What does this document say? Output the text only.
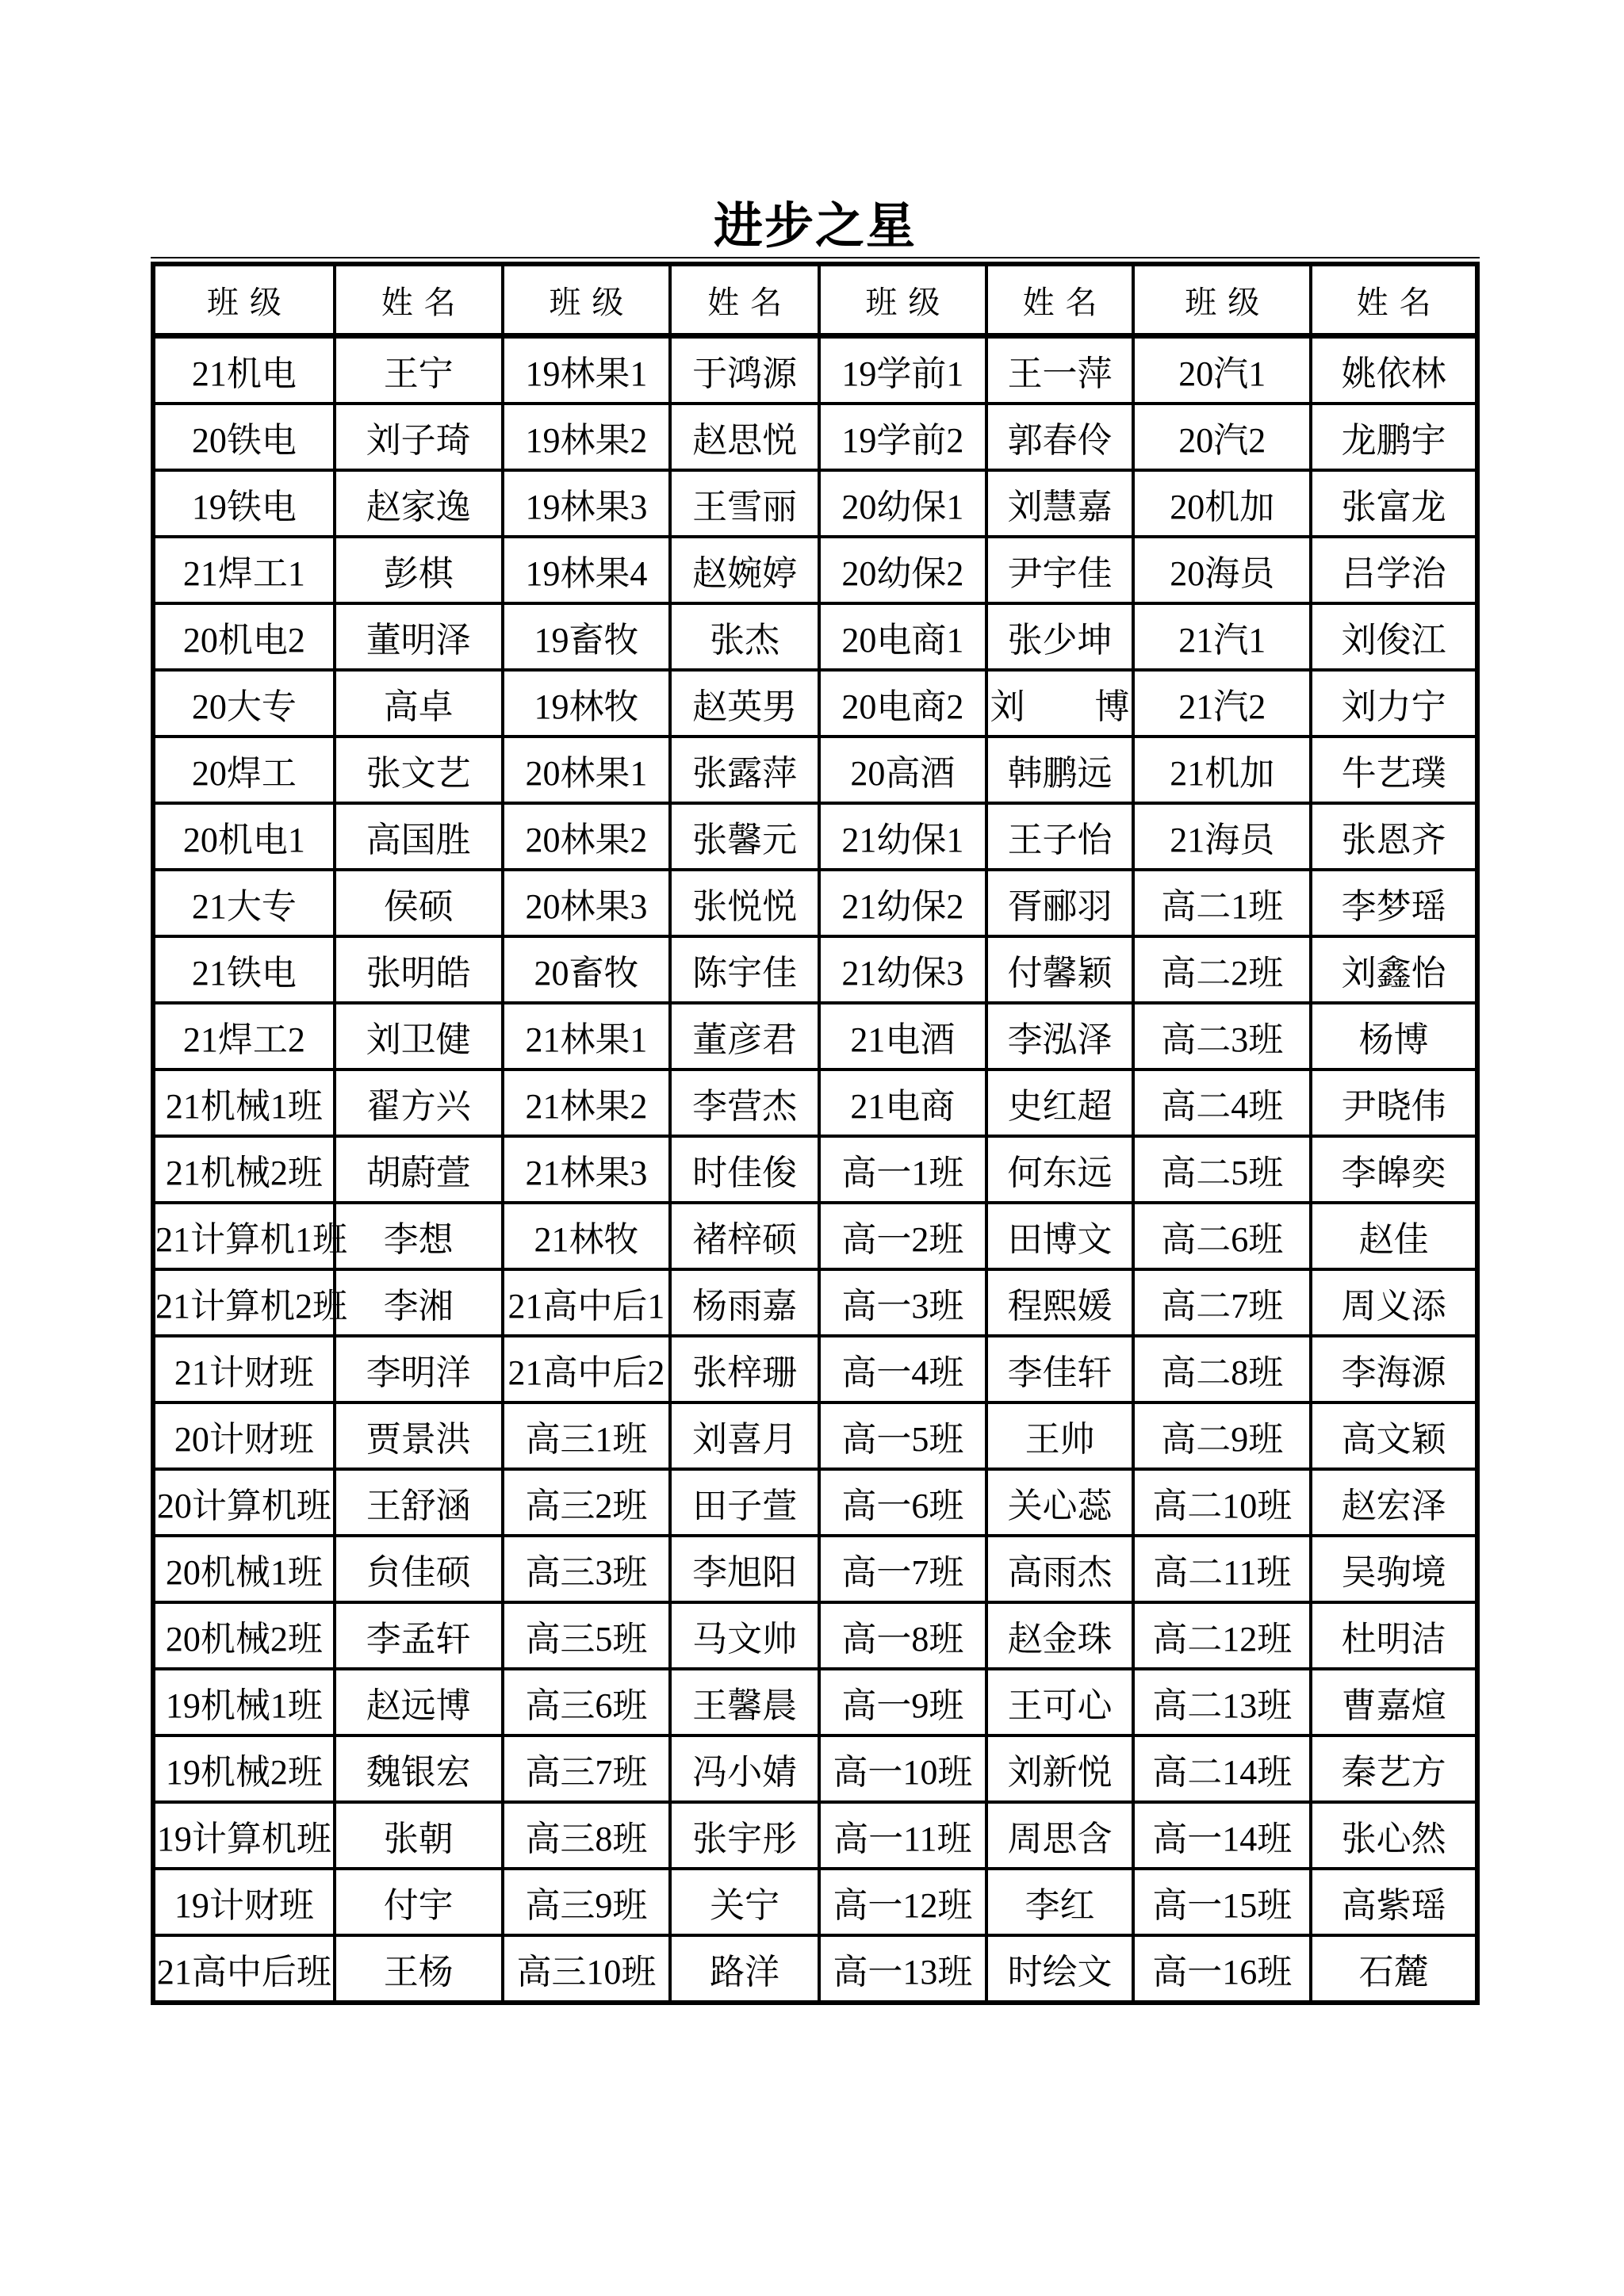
进步之星
班级	姓名	班级	姓名	班级	姓名	班级	姓名
21机电	王宁	19林果1	于鸿源	19学前1	王一萍	20汽1	姚依林
20铁电	刘子琦	19林果2	赵思悦	19学前2	郭春伶	20汽2	龙鹏宇
19铁电	赵家逸	19林果3	王雪丽	20幼保1	刘慧嘉	20机加	张富龙
21焊工1	彭棋	19林果4	赵婉婷	20幼保2	尹宇佳	20海员	吕学治
20机电2	董明泽	19畜牧	张杰	20电商1	张少坤	21汽1	刘俊江
20大专	高卓	19林牧	赵英男	20电商2	刘　　博	21汽2	刘力宁
20焊工	张文艺	20林果1	张露萍	20高酒	韩鹏远	21机加	牛艺璞
20机电1	高国胜	20林果2	张馨元	21幼保1	王子怡	21海员	张恩齐
21大专	侯硕	20林果3	张悦悦	21幼保2	胥郦羽	高二1班	李梦瑶
21铁电	张明皓	20畜牧	陈宇佳	21幼保3	付馨颖	高二2班	刘鑫怡
21焊工2	刘卫健	21林果1	董彦君	21电酒	李泓泽	高二3班	杨博
21机械1班	翟方兴	21林果2	李营杰	21电商	史红超	高二4班	尹晓伟
21机械2班	胡蔚萱	21林果3	时佳俊	高一1班	何东远	高二5班	李皞奕
21计算机1班	李想	21林牧	褚梓硕	高一2班	田博文	高二6班	赵佳
21计算机2班	李湘	21高中后1	杨雨嘉	高一3班	程熙媛	高二7班	周义添
21计财班	李明洋	21高中后2	张梓珊	高一4班	李佳轩	高二8班	李海源
20计财班	贾景洪	高三1班	刘喜月	高一5班	王帅	高二9班	高文颖
20计算机班	王舒涵	高三2班	田子萱	高一6班	关心蕊	高二10班	赵宏泽
20机械1班	贠佳硕	高三3班	李旭阳	高一7班	高雨杰	高二11班	吴驹境
20机械2班	李孟轩	高三5班	马文帅	高一8班	赵金珠	高二12班	杜明洁
19机械1班	赵远博	高三6班	王馨晨	高一9班	王可心	高二13班	曹嘉煊
19机械2班	魏银宏	高三7班	冯小婧	高一10班	刘新悦	高二14班	秦艺方
19计算机班	张朝	高三8班	张宇彤	高一11班	周思含	高一14班	张心然
19计财班	付宇	高三9班	关宁	高一12班	李红	高一15班	高紫瑶
21高中后班	王杨	高三10班	路洋	高一13班	时绘文	高一16班	石麓
